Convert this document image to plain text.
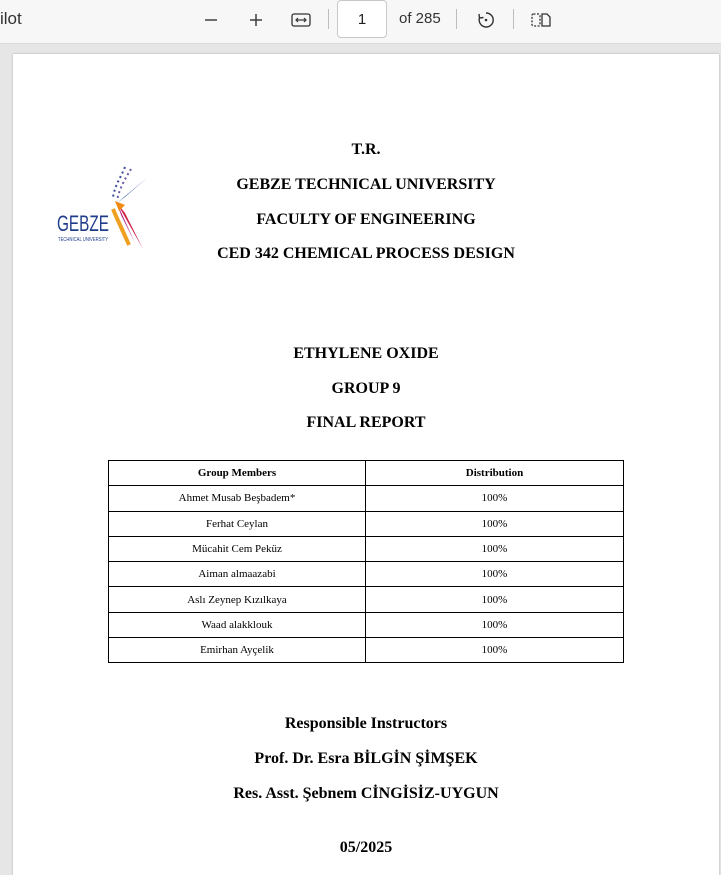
ilot	1	of 285
GEBZE
TECHNICAL UNIVERSITY
T.R.
GEBZE TECHNICAL UNIVERSITY
FACULTY OF ENGINEERING
CED 342 CHEMICAL PROCESS DESIGN
ETHYLENE OXIDE
GROUP 9
FINAL REPORT
Group Members	Distribution
Ahmet Musab Beşbadem*	100%
Ferhat Ceylan	100%
Mücahit Cem Peküz	100%
Aiman almaazabi	100%
Aslı Zeynep Kızılkaya	100%
Waad alakklouk	100%
Emirhan Ayçelik	100%
Responsible Instructors
Prof. Dr. Esra BİLGİN ŞİMŞEK
Res. Asst. Şebnem CİNGİSİZ-UYGUN
05/2025
